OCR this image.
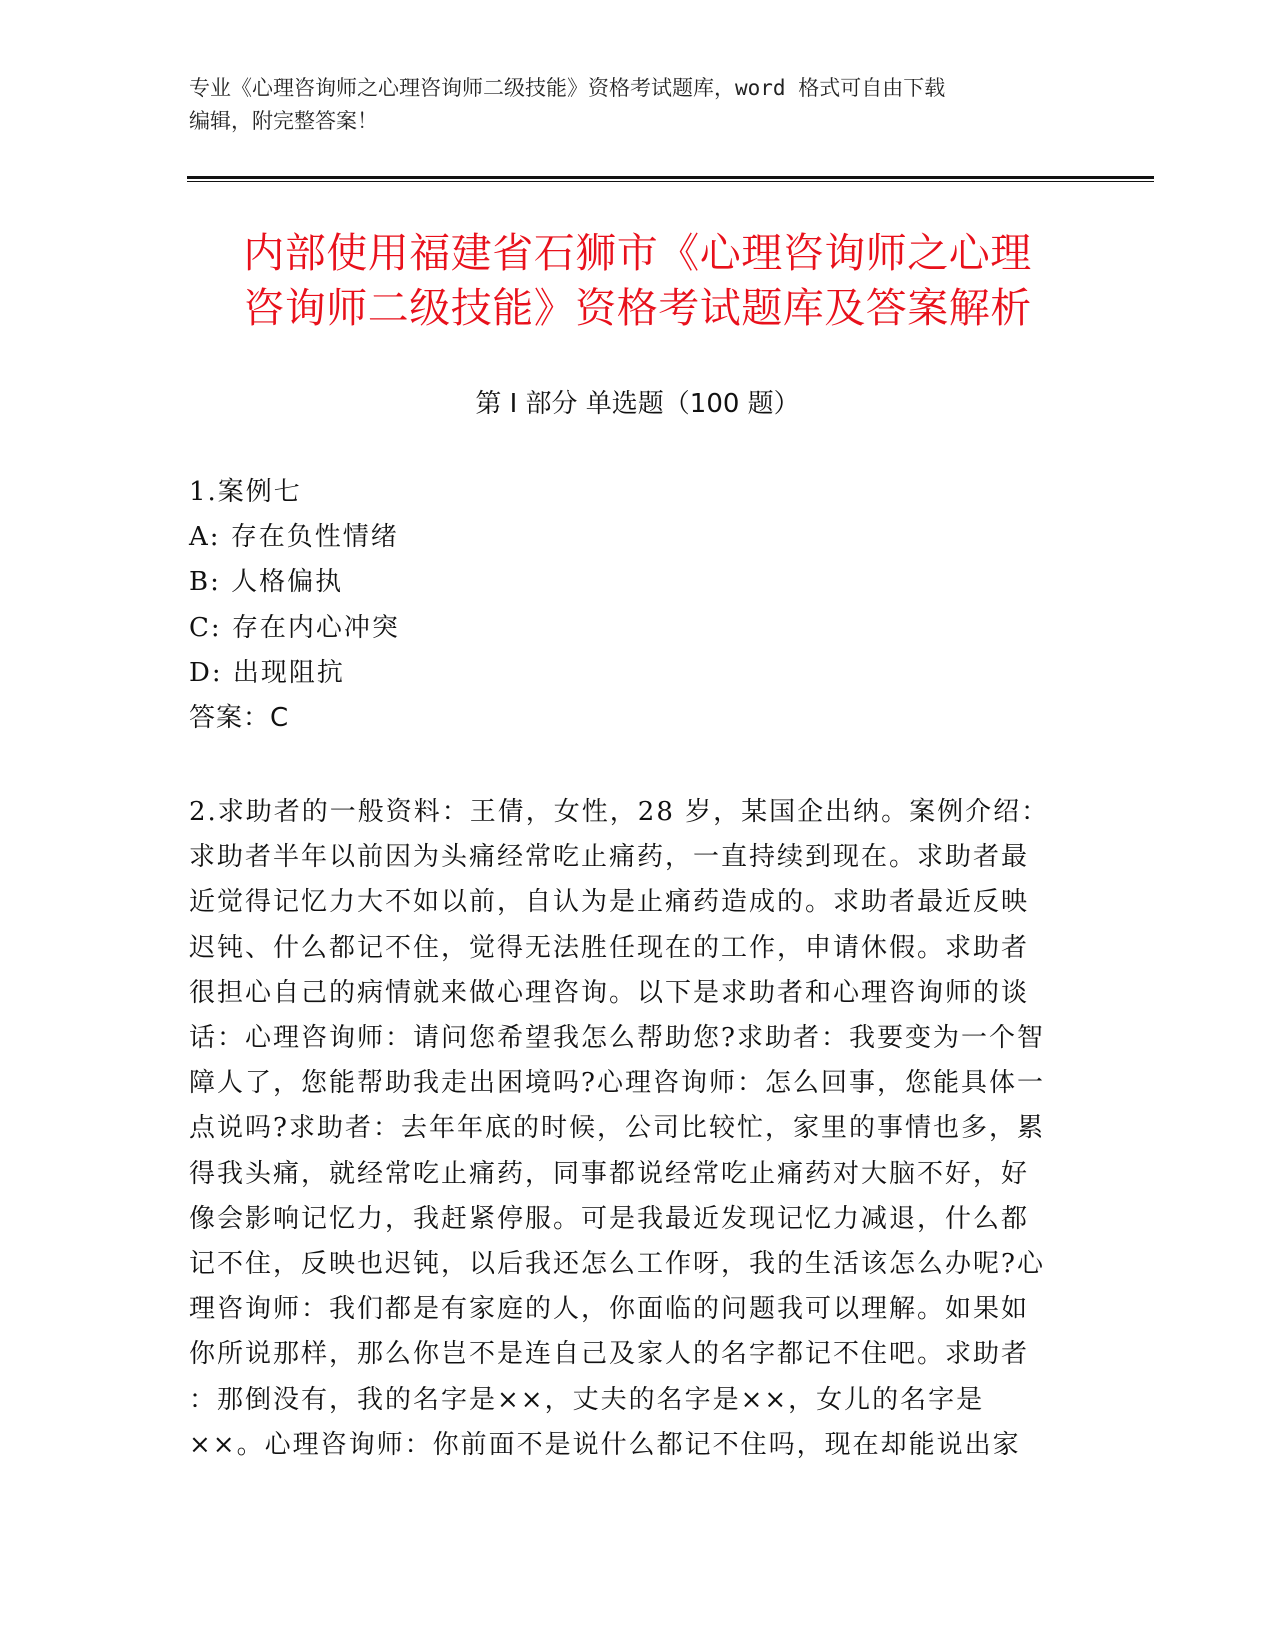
专业《心理咨询师之心理咨询师二级技能》资格考试题库，word 格式可自由下载
编辑，附完整答案！
内部使用福建省石狮市《心理咨询师之心理
咨询师二级技能》资格考试题库及答案解析
第 I 部分 单选题（100 题）
1.案例七
A: 存在负性情绪
B: 人格偏执
C: 存在内心冲突
D: 出现阻抗
答案：C
2.求助者的一般资料：王倩，女性，28 岁，某国企出纳。案例介绍：
求助者半年以前因为头痛经常吃止痛药，一直持续到现在。求助者最
近觉得记忆力大不如以前，自认为是止痛药造成的。求助者最近反映
迟钝、什么都记不住，觉得无法胜任现在的工作，申请休假。求助者
很担心自己的病情就来做心理咨询。以下是求助者和心理咨询师的谈
话：心理咨询师：请问您希望我怎么帮助您?求助者：我要变为一个智
障人了，您能帮助我走出困境吗?心理咨询师：怎么回事，您能具体一
点说吗?求助者：去年年底的时候，公司比较忙，家里的事情也多，累
得我头痛，就经常吃止痛药，同事都说经常吃止痛药对大脑不好，好
像会影响记忆力，我赶紧停服。可是我最近发现记忆力减退，什么都
记不住，反映也迟钝，以后我还怎么工作呀，我的生活该怎么办呢?心
理咨询师：我们都是有家庭的人，你面临的问题我可以理解。如果如
你所说那样，那么你岂不是连自己及家人的名字都记不住吧。求助者
：那倒没有，我的名字是××，丈夫的名字是××，女儿的名字是
××。心理咨询师：你前面不是说什么都记不住吗，现在却能说出家
